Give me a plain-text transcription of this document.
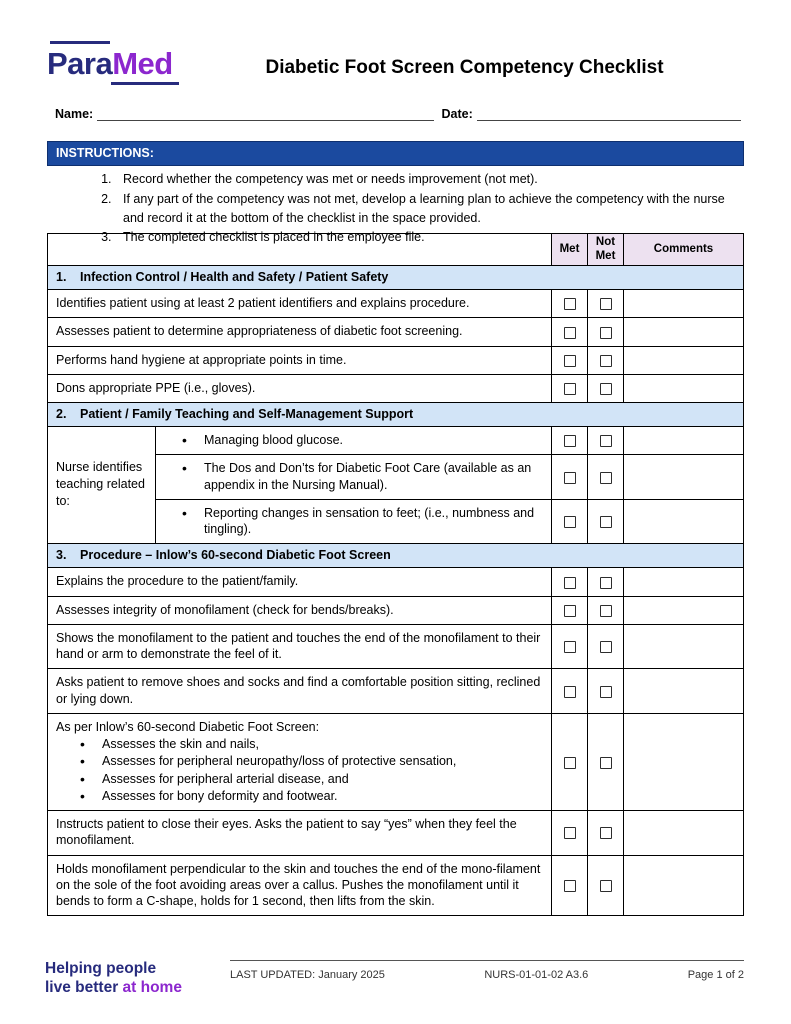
ParaMed	Diabetic Foot Screen Competency Checklist
Name:	Date:
INSTRUCTIONS:
1. Record whether the competency was met or needs improvement (not met).
2. If any part of the competency was not met, develop a learning plan to achieve the competency with the nurse and record it at the bottom of the checklist in the space provided.
3. The completed checklist is placed in the employee file.
		Met	Not Met	Comments
1. Infection Control / Health and Safety / Patient Safety				
Identifies patient using at least 2 patient identifiers and explains procedure.				
Assesses patient to determine appropriateness of diabetic foot screening.				
Performs hand hygiene at appropriate points in time.				
Dons appropriate PPE (i.e., gloves).				
2. Patient / Family Teaching and Self-Management Support				
Nurse identifies teaching related to:	• Managing blood glucose.

	• The Dos and Don’ts for Diabetic Foot Care (available as an appendix in the Nursing Manual).

	• Reporting changes in sensation to feet; (i.e., numbness and tingling).

3. Procedure – Inlow’s 60-second Diabetic Foot Screen				
Explains the procedure to the patient/family.				
Assesses integrity of monofilament (check for bends/breaks).				
Shows the monofilament to the patient and touches the end of the monofilament to their hand or arm to demonstrate the feel of it.				
Asks patient to remove shoes and socks and find a comfortable position sitting, reclined or lying down.				

As per Inlow’s 60-second Diabetic Foot Screen:
• Assesses the skin and nails,
• Assesses for peripheral neuropathy/loss of protective sensation,
• Assesses for peripheral arterial disease, and
• Assesses for bony deformity and footwear.

Instructs patient to close their eyes. Asks the patient to say “yes” when they feel the monofilament.				
Holds monofilament perpendicular to the skin and touches the end of the mono-filament on the sole of the foot avoiding areas over a callus. Pushes the monofilament until it bends to form a C-shape, holds for 1 second, then lifts from the skin.				
Helping people
live better at home
LAST UPDATED: January 2025	NURS-01-01-02 A3.6	Page 1 of 2
